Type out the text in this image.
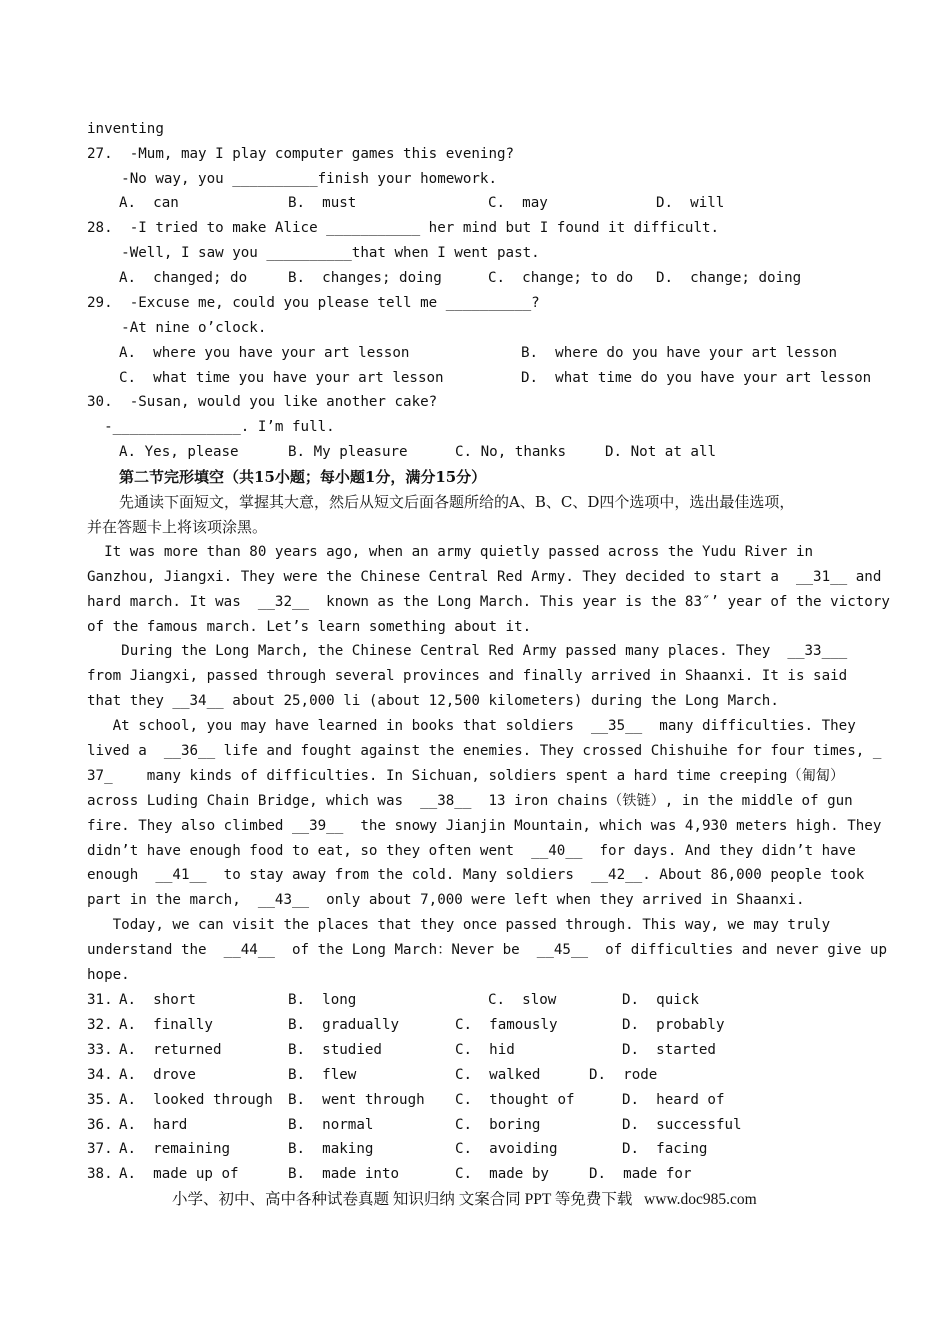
inventing
27.  -Mum, may I play computer games this evening?
-No way, you __________finish your homework.
A.  can	B.  must	C.  may	D.  will
28.  -I tried to make Alice ___________ her mind but I found it difficult.
-Well, I saw you __________that when I went past.
A.  changed; do	B.  changes; doing	C.  change; to do D.  change; doing
29.  -Excuse me, could you please tell me __________?
-At nine o’clock.
A.  where you have your art lesson	B.  where do you have your art lesson
C.  what time you have your art lesson	D.  what time do you have your art lesson
30.  -Susan, would you like another cake?
-_______________. I’m full.
A. Yes, please	B. My pleasure	C. No, thanks	D. Not at all
第二节完形填空（共15小题；每小题1分，满分15分）
先通读下面短文，掌握其大意，然后从短文后面各题所给的A、B、C、D四个选项中，选出最佳选项，
并在答题卡上将该项涂黑。
It was more than 80 years ago, when an army quietly passed across the Yudu River in
Ganzhou, Jiangxi. They were the Chinese Central Red Army. They decided to start a  __31__ and
hard march. It was  __32__  known as the Long March. This year is the 83″’ year of the victory
of the famous march. Let’s learn something about it.
During the Long March, the Chinese Central Red Army passed many places. They  __33___
from Jiangxi, passed through several provinces and finally arrived in Shaanxi. It is said
that they __34__ about 25,000 li (about 12,500 kilometers) during the Long March.
At school, you may have learned in books that soldiers  __35__  many difficulties. They
lived a  __36__ life and fought against the enemies. They crossed Chishuihe for four times, _
37_    many kinds of difficulties. In Sichuan, soldiers spent a hard time creeping（匍匐）
across Luding Chain Bridge, which was  __38__  13 iron chains（铁链）, in the middle of gun
fire. They also climbed __39__  the snowy Jianjin Mountain, which was 4,930 meters high. They
didn’t have enough food to eat, so they often went  __40__  for days. And they didn’t have
enough  __41__  to stay away from the cold. Many soldiers  __42__. About 86,000 people took
part in the march,  __43__  only about 7,000 were left when they arrived in Shaanxi.
Today, we can visit the places that they once passed through. This way, we may truly
understand the  __44__  of the Long March：Never be  __45__  of difficulties and never give up
hope.
31. A.  short	B.  long	C.  slow	D.  quick
32. A.  finally	B.  gradually	C.  famously	D.  probably
33. A.  returned	B.  studied	C.  hid	D.  started
34. A.  drove	B.  flew	C.  walked	D.  rode
35. A.  looked through B.  went through C.  thought of	D.  heard of
36. A.  hard	B.  normal	C.  boring	D.  successful
37. A.  remaining	B.  making	C.  avoiding	D.  facing
38. A.  made up of	B.  made into	C.  made by	D.  made for
小学、初中、高中各种试卷真题 知识归纳 文案合同 PPT 等免费下载   www.doc985.com
